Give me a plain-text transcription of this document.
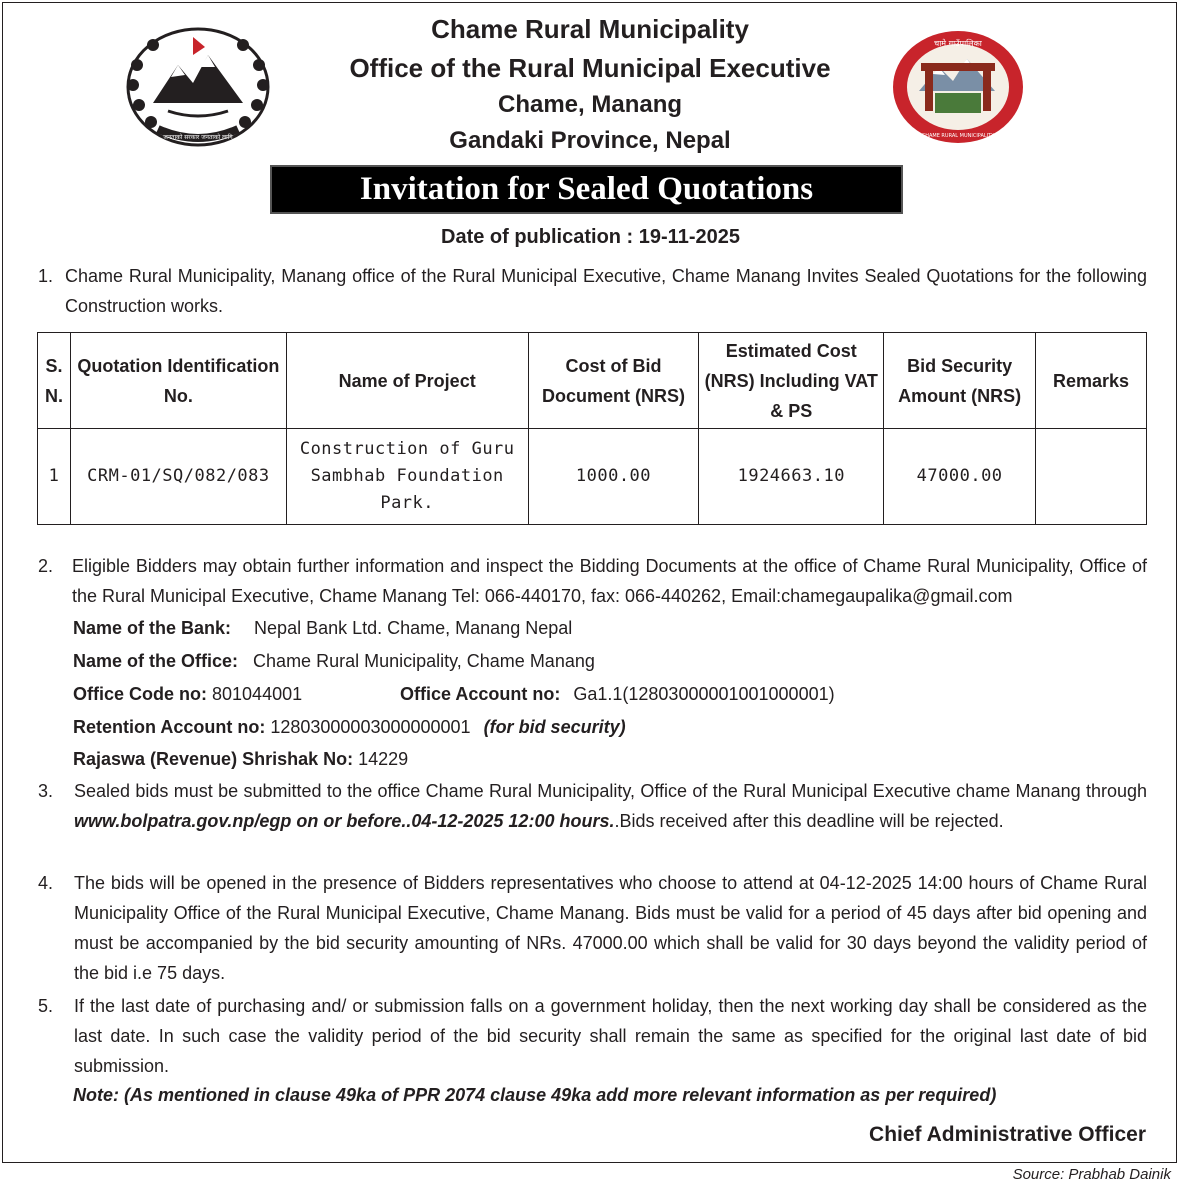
जनताको सरकार जनताको लागि
चामे गाउँपालिका
CHAME RURAL MUNICIPALITY
Chame Rural Municipality
Office of the Rural Municipal Executive
Chame, Manang
Gandaki Province, Nepal
Invitation for Sealed Quotations
Date of publication : 19-11-2025
1. Chame Rural Municipality, Manang office of the Rural Municipal Executive, Chame Manang Invites Sealed Quotations for the following Construction works.
S. N.	Quotation Identification No.	Name of Project	Cost of Bid Document (NRS)	Estimated Cost (NRS) Including VAT & PS	Bid Security Amount (NRS)	Remarks
1	CRM-01/SQ/082/083	Construction of Guru Sambhab Foundation Park.	1000.00	1924663.10	47000.00	
2. Eligible Bidders may obtain further information and inspect the Bidding Documents at the office of Chame Rural Municipality, Office of the Rural Municipal Executive, Chame Manang Tel: 066-440170, fax: 066-440262, Email:chamegaupalika@gmail.com
Name of the Bank: Nepal Bank Ltd. Chame, Manang Nepal
Name of the Office: Chame Rural Municipality, Chame Manang
Office Code no: 801044001	Office Account no: Ga1.1(12803000001001000001)
Retention Account no: 12803000003000000001 (for bid security)
Rajaswa (Revenue) Shrishak No: 14229
3. Sealed bids must be submitted to the office Chame Rural Municipality, Office of the Rural Municipal Executive chame Manang through www.bolpatra.gov.np/egp on or before..04-12-2025 12:00 hours..Bids received after this deadline will be rejected.
4. The bids will be opened in the presence of Bidders representatives who choose to attend at 04-12-2025 14:00 hours of Chame Rural Municipality Office of the Rural Municipal Executive, Chame Manang. Bids must be valid for a period of 45 days after bid opening and must be accompanied by the bid security amounting of NRs. 47000.00 which shall be valid for 30 days beyond the validity period of the bid i.e 75 days.
5. If the last date of purchasing and/ or submission falls on a government holiday, then the next working day shall be considered as the last date. In such case the validity period of the bid security shall remain the same as specified for the original last date of bid submission.
Note: (As mentioned in clause 49ka of PPR 2074 clause 49ka add more relevant information as per required)
Chief Administrative Officer
Source: Prabhab Dainik
